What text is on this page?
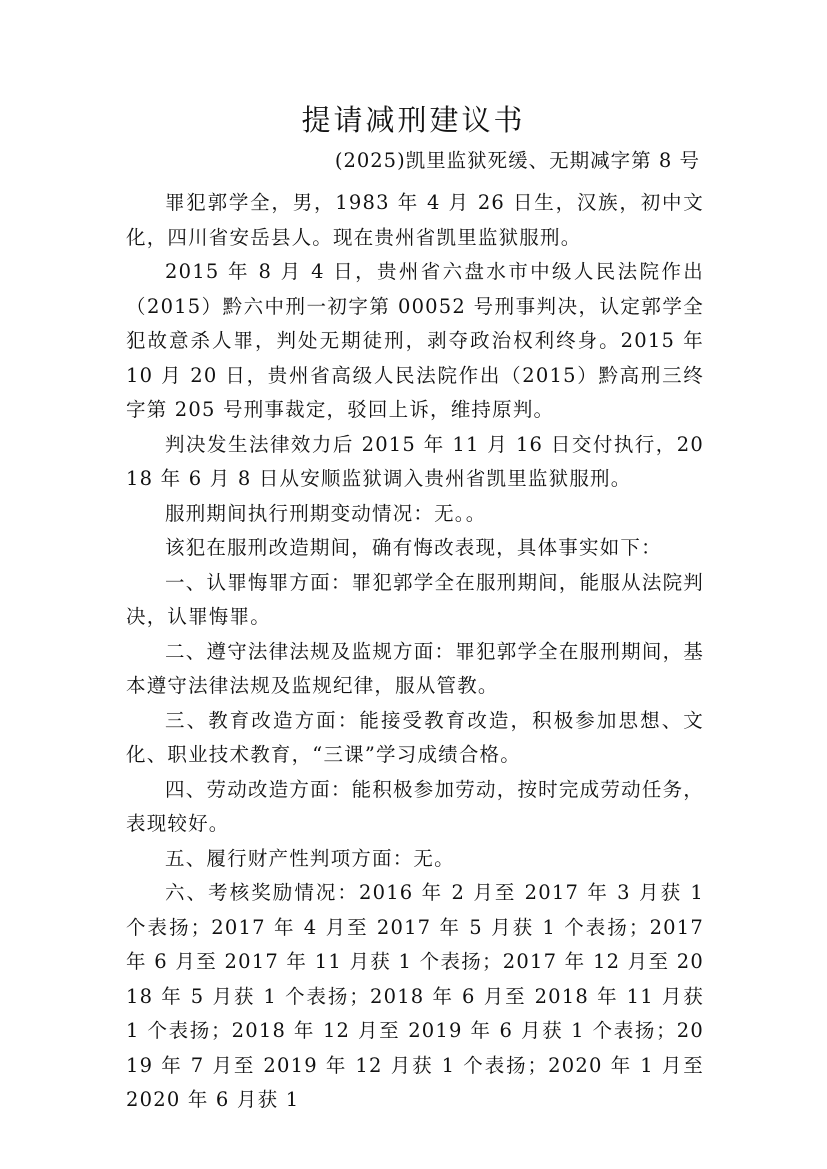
提请减刑建议书
(2025)凯里监狱死缓、无期减字第 8 号

罪犯郭学全，男，1983 年 4 月 26 日生，汉族，初中文化，四川省安岳县人。现在贵州省凯里监狱服刑。

2015 年 8 月 4 日，贵州省六盘水市中级人民法院作出（2015）黔六中刑一初字第 00052 号刑事判决，认定郭学全犯故意杀人罪，判处无期徒刑，剥夺政治权利终身。2015 年 10 月 20 日，贵州省高级人民法院作出（2015）黔高刑三终字第 205 号刑事裁定，驳回上诉，维持原判。

判决发生法律效力后 2015 年 11 月 16 日交付执行，2018 年 6 月 8 日从安顺监狱调入贵州省凯里监狱服刑。

服刑期间执行刑期变动情况：无。。

该犯在服刑改造期间，确有悔改表现，具体事实如下：

一、认罪悔罪方面：罪犯郭学全在服刑期间，能服从法院判决，认罪悔罪。

二、遵守法律法规及监规方面：罪犯郭学全在服刑期间，基本遵守法律法规及监规纪律，服从管教。

三、教育改造方面：能接受教育改造，积极参加思想、文化、职业技术教育，“三课”学习成绩合格。

四、劳动改造方面：能积极参加劳动，按时完成劳动任务，表现较好。

五、履行财产性判项方面：无。

六、考核奖励情况：2016 年 2 月至 2017 年 3 月获 1 个表扬；2017 年 4 月至 2017 年 5 月获 1 个表扬；2017 年 6 月至 2017 年 11 月获 1 个表扬；2017 年 12 月至 2018 年 5 月获 1 个表扬；2018 年 6 月至 2018 年 11 月获 1 个表扬；2018 年 12 月至 2019 年 6 月获 1 个表扬；2019 年 7 月至 2019 年 12 月获 1 个表扬；2020 年 1 月至 2020 年 6 月获 1
